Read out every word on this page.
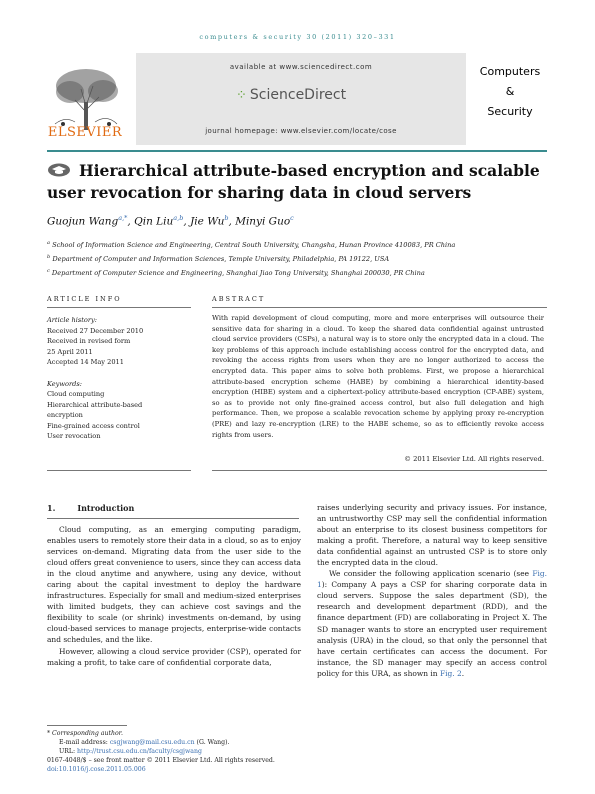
computers & security 30 (2011) 320–331
ELSEVIER
available at www.sciencedirect.com
⁘ ScienceDirect
journal homepage: www.elsevier.com/locate/cose
Computers
&
Security
Hierarchical attribute-based encryption and scalable user revocation for sharing data in cloud servers
Guojun Wang$^{a,*}$, Qin Liu$^{a,b}$, Jie Wu$^b$, Minyi Guo$^c$
$^a$ School of Information Science and Engineering, Central South University, Changsha, Hunan Province 410083, PR China
$^b$ Department of Computer and Information Sciences, Temple University, Philadelphia, PA 19122, USA
$^c$ Department of Computer Science and Engineering, Shanghai Jiao Tong University, Shanghai 200030, PR China
ARTICLE INFO
Article history:
Received 27 December 2010
Received in revised form
25 April 2011
Accepted 14 May 2011
Keywords:
Cloud computing
Hierarchical attribute-based
encryption
Fine-grained access control
User revocation
ABSTRACT
With rapid development of cloud computing, more and more enterprises will outsource their sensitive data for sharing in a cloud. To keep the shared data confidential against untrusted cloud service providers (CSPs), a natural way is to store only the encrypted data in a cloud. The key problems of this approach include establishing access control for the encrypted data, and revoking the access rights from users when they are no longer authorized to access the encrypted data. This paper aims to solve both problems. First, we propose a hierarchical attribute-based encryption scheme (HABE) by combining a hierarchical identity-based encryption (HIBE) system and a ciphertext-policy attribute-based encryption (CP-ABE) system, so as to provide not only fine-grained access control, but also full delegation and high performance. Then, we propose a scalable revocation scheme by applying proxy re-encryption (PRE) and lazy re-encryption (LRE) to the HABE scheme, so as to efficiently revoke access rights from users.
© 2011 Elsevier Ltd. All rights reserved.
1.	Introduction

Cloud computing, as an emerging computing paradigm, enables users to remotely store their data in a cloud, so as to enjoy services on-demand. Migrating data from the user side to the cloud offers great convenience to users, since they can access data in the cloud anytime and anywhere, using any device, without caring about the capital investment to deploy the hardware infrastructures. Especially for small and medium-sized enterprises with limited budgets, they can achieve cost savings and the flexibility to scale (or shrink) investments on-demand, by using cloud-based services to manage projects, enterprise-wide contacts and schedules, and the like.

However, allowing a cloud service provider (CSP), operated for making a profit, to take care of confidential corporate data,

raises underlying security and privacy issues. For instance, an untrustworthy CSP may sell the confidential information about an enterprise to its closest business competitors for making a profit. Therefore, a natural way to keep sensitive data confidential against an untrusted CSP is to store only the encrypted data in the cloud.

We consider the following application scenario (see Fig. 1): Company A pays a CSP for sharing corporate data in cloud servers. Suppose the sales department (SD), the research and development department (RDD), and the finance department (FD) are collaborating in Project X. The SD manager wants to store an encrypted user requirement analysis (URA) in the cloud, so that only the personnel that have certain certificates can access the document. For instance, the SD manager may specify an access control policy for this URA, as shown in Fig. 2.

* Corresponding author.
E-mail address: csgjwang@mail.csu.edu.cn (G. Wang).
URL: http://trust.csu.edu.cn/faculty/csgjwang
0167-4048/$ – see front matter © 2011 Elsevier Ltd. All rights reserved.
doi:10.1016/j.cose.2011.05.006
